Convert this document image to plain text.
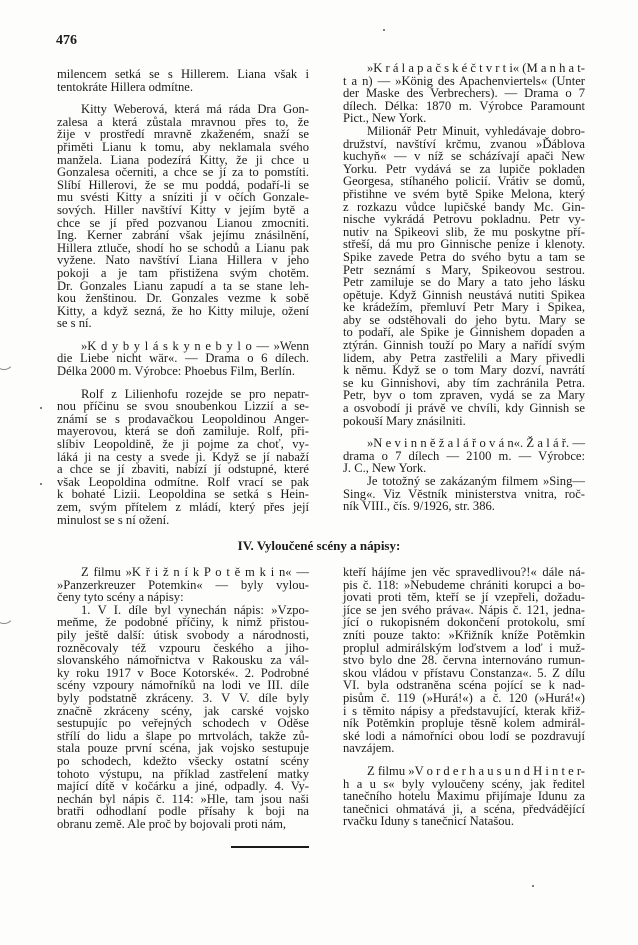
476
milencem setká se s Hillerem. Liana však i
tentokráte Hillera odmítne.
Kitty Weberová, která má ráda Dra Gon-
zalesa a která zůstala mravnou přes to, že
žije v prostředí mravně zkaženém, snaží se
přiměti Lianu k tomu, aby neklamala svého
manžela. Liana podezírá Kitty, že ji chce u
Gonzalesa očerniti, a chce se jí za to pomstíti.
Slíbí Hillerovi, že se mu poddá, podaří-li se
mu svésti Kitty a sníziti ji v očích Gonzale-
sových. Hiller navštíví Kitty v jejím bytě a
chce se jí před pozvanou Lianou zmocniti.
Ing. Kerner zabrání však jejímu znásilnění,
Hillera ztluče, shodí ho se schodů a Lianu pak
vyžene. Nato navštíví Liana Hillera v jeho
pokoji a je tam přistižena svým chotěm.
Dr. Gonzales Lianu zapudí a ta se stane leh-
kou ženštinou. Dr. Gonzales vezme k sobě
Kitty, a když sezná, že ho Kitty miluje, ožení
se s ní.
»K d y b y l á s k y n e b y l o — »Wenn
die Liebe nicht wär«. — Drama o 6 dílech.
Délka 2000 m. Výrobce: Phoebus Film, Berlín.
Rolf z Lilienhofu rozejde se pro nepatr-
nou příčinu se svou snoubenkou Lizzií a se-
známí se s prodavačkou Leopoldinou Anger-
mayerovou, která se doň zamiluje. Rolf, při-
slíbiv Leopoldině, že ji pojme za choť, vy-
láká ji na cesty a svede ji. Když se jí nabaží
a chce se jí zbaviti, nabízí jí odstupné, které
však Leopoldina odmítne. Rolf vrací se pak
k bohaté Lizii. Leopoldina se setká s Hein-
zem, svým přítelem z mládí, který přes její
minulost se s ní ožení.
»K r á l a p a č s k é č t v r t i« (M a n h a t-
t a n) — »König des Apachenviertels« (Unter
der Maske des Verbrechers). — Drama o 7
dílech. Délka: 1870 m. Výrobce Paramount
Pict., New York.
Milionář Petr Minuit, vyhledávaje dobro-
družství, navštíví krčmu, zvanou »Ďáblova
kuchyň« — v níž se scházívají apači New
Yorku. Petr vydává se za lupiče pokladen
Georgesa, stíhaného policií. Vrátiv se domů,
přistihne ve svém bytě Spike Melona, který
z rozkazu vůdce lupičské bandy Mc. Gin-
nische vykrádá Petrovu pokladnu. Petr vy-
nutiv na Spikeovi slib, že mu poskytne pří-
střeší, dá mu pro Ginnische peníze i klenoty.
Spike zavede Petra do svého bytu a tam se
Petr seznámí s Mary, Spikeovou sestrou.
Petr zamiluje se do Mary a tato jeho lásku
opětuje. Když Ginnish neustává nutiti Spikea
ke krádežím, přemluví Petr Mary i Spikea,
aby se odstěhovali do jeho bytu. Mary se
to podaří, ale Spike je Ginnishem dopaden a
ztýrán. Ginnish touží po Mary a nařídí svým
lidem, aby Petra zastřelili a Mary přivedli
k němu. Když se o tom Mary dozví, navrátí
se ku Ginnishovi, aby tím zachránila Petra.
Petr, byv o tom zpraven, vydá se za Mary
a osvobodí ji právě ve chvíli, kdy Ginnish se
pokouší Mary znásilniti.
»N e v i n n ě ž a l á ř o v á n«. Ž a l á ř. —
drama o 7 dílech — 2100 m. — Výrobce:
J. C., New York.
Je totožný se zakázaným filmem »Sing—
Sing«. Viz Věstník ministerstva vnitra, roč-
ník VIII., čís. 9/1926, str. 386.
IV. Vyloučené scény a nápisy:
Z filmu »K ř i ž n í k P o t ě m k i n« —
»Panzerkreuzer Potemkin« — byly vylou-
čeny tyto scény a nápisy:
1. V I. díle byl vynechán nápis: »Vzpo-
meňme, že podobné příčiny, k nimž přistou-
pily ještě další: útisk svobody a národnosti,
rozněcovaly též vzpouru českého a jiho-
slovanského námořnictva v Rakousku za vál-
ky roku 1917 v Boce Kotorské«. 2. Podrobné
scény vzpoury námořníků na lodi ve III. díle
byly podstatně zkráceny. 3. V V. díle byly
značně zkráceny scény, jak carské vojsko
sestupujíc po veřejných schodech v Oděse
střílí do lidu a šlape po mrtvolách, takže zů-
stala pouze první scéna, jak vojsko sestupuje
po schodech, kdežto všecky ostatní scény
tohoto výstupu, na příklad zastřelení matky
mající dítě v kočárku a jiné, odpadly. 4. Vy-
nechán byl nápis č. 114: »Hle, tam jsou naši
bratři odhodlaní podle přísahy k boji na
obranu země. Ale proč by bojovali proti nám,
kteří hájíme jen věc spravedlivou?!« dále ná-
pis č. 118: »Nebudeme chrániti korupci a bo-
jovati proti těm, kteří se jí vzepřeli, dožadu-
jíce se jen svého práva«. Nápis č. 121, jedna-
jící o rukopisném dokončení protokolu, smí
zníti pouze takto: »Křižník kníže Potěmkin
proplul admirálským loďstvem a loď i muž-
stvo bylo dne 28. června internováno rumun-
skou vládou v přístavu Constanza«. 5. Z dílu
VI. byla odstraněna scéna pojící se k nad-
pisům č. 119 (»Hurá!«) a č. 120 (»Hurá!«)
i s těmito nápisy a představující, kterak křiž-
ník Potěmkin propluje těsně kolem admirál-
ské lodi a námořníci obou lodí se pozdravují
navzájem.
Z filmu »V o r d e r h a u s u n d H i n t e r-
h a u s« byly vyloučeny scény, jak ředitel
tanečního hotelu Maximu přijímaje Idunu za
tanečnici ohmatává ji, a scéna, předvádějící
rvačku Iduny s tanečnicí Natašou.
